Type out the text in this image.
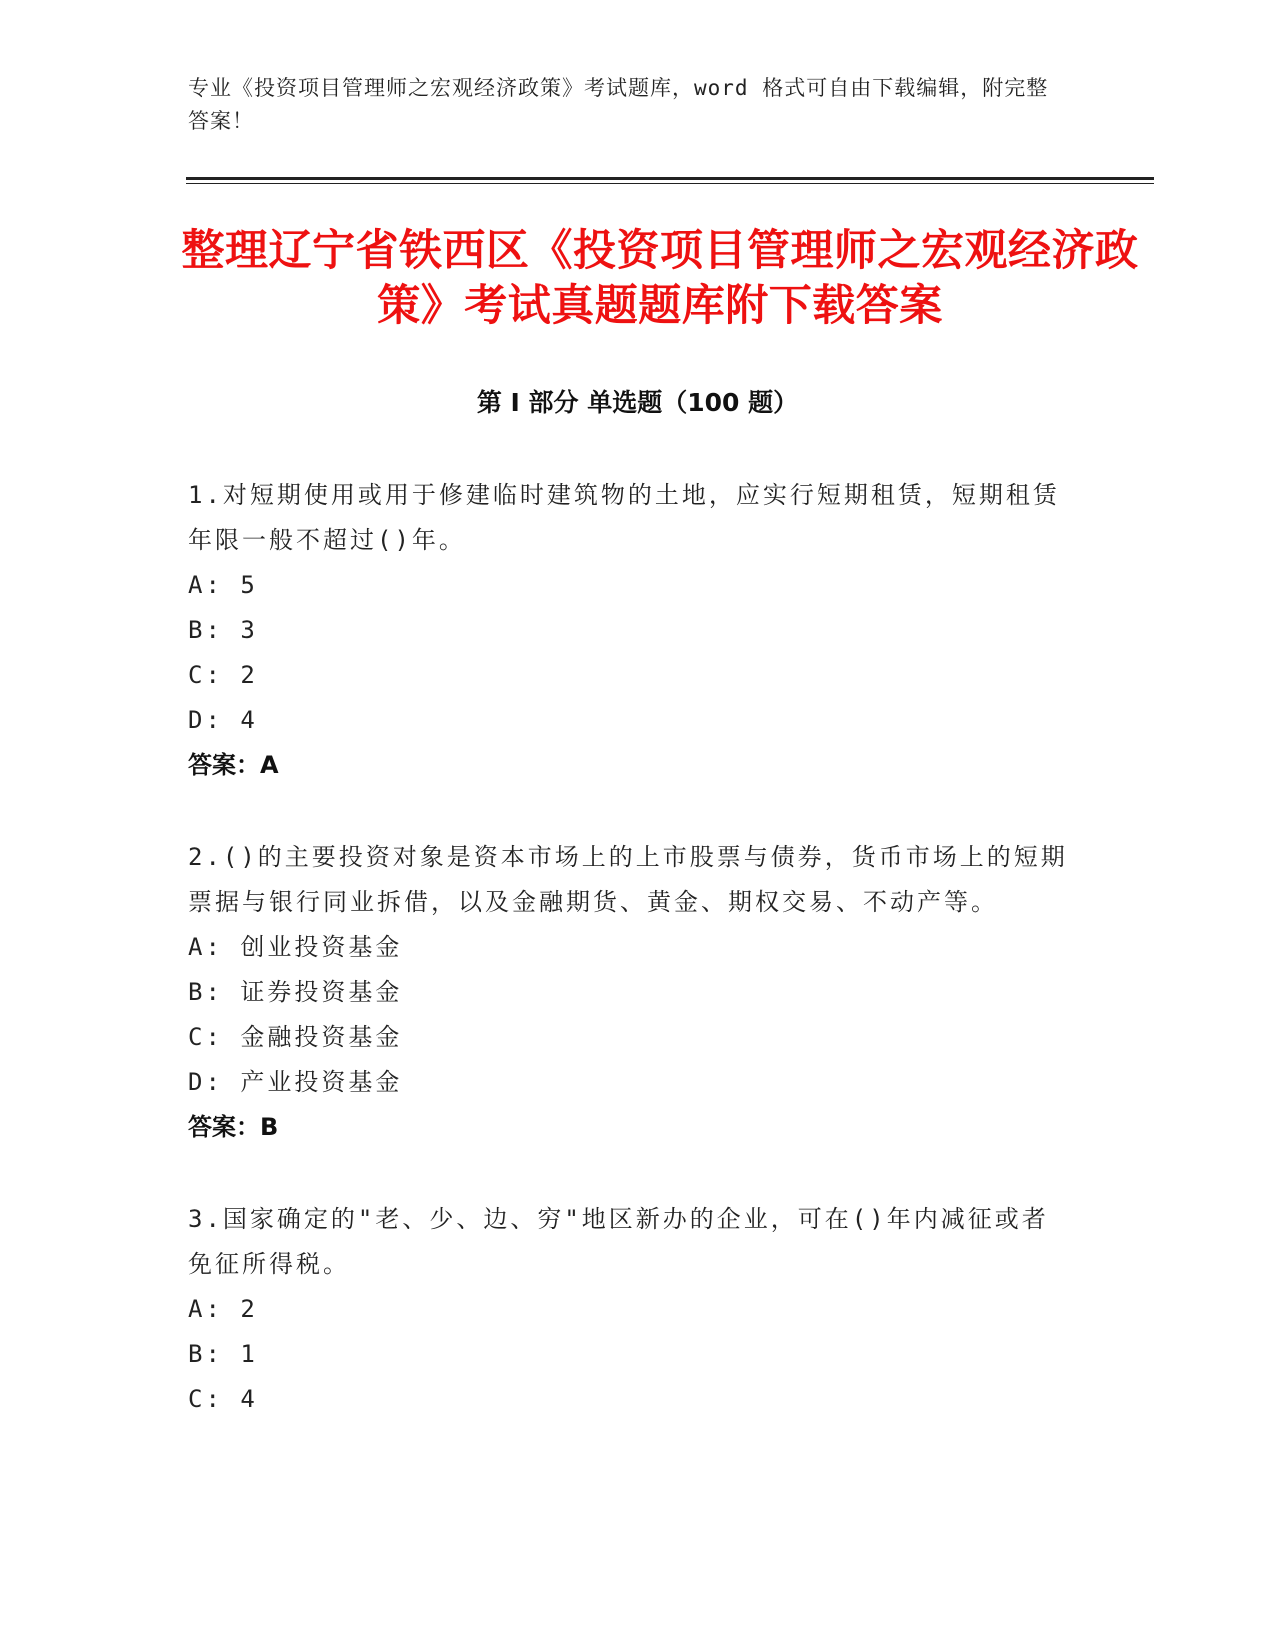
专业《投资项目管理师之宏观经济政策》考试题库，word 格式可自由下载编辑，附完整答案！
整理辽宁省铁西区《投资项目管理师之宏观经济政策》考试真题题库附下载答案
第 I 部分 单选题（100 题）

1.对短期使用或用于修建临时建筑物的土地，应实行短期租赁，短期租赁年限一般不超过()年。

A: 5
B: 3
C: 2
D: 4
答案：A

2.()的主要投资对象是资本市场上的上市股票与债券，货币市场上的短期票据与银行同业拆借，以及金融期货、黄金、期权交易、不动产等。

A: 创业投资基金
B: 证券投资基金
C: 金融投资基金
D: 产业投资基金
答案：B

3.国家确定的"老、少、边、穷"地区新办的企业，可在()年内减征或者免征所得税。

A: 2
B: 1
C: 4
